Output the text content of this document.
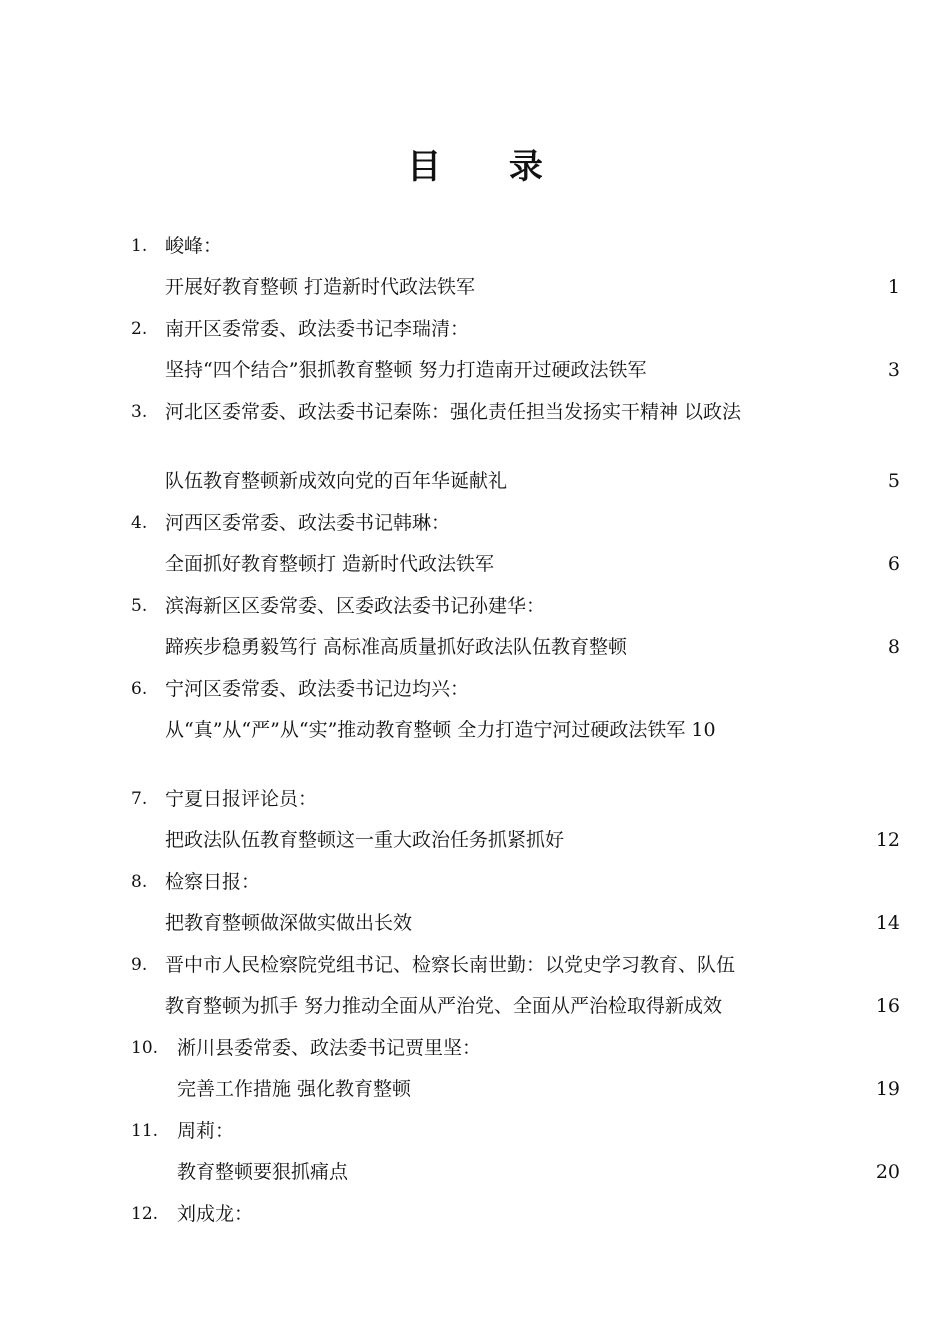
目 录
1. 峻峰：
开展好教育整顿 打造新时代政法铁军	1
2. 南开区委常委、政法委书记李瑞清：
坚持“四个结合”狠抓教育整顿 努力打造南开过硬政法铁军	3
3. 河北区委常委、政法委书记秦陈：强化责任担当发扬实干精神 以政法
队伍教育整顿新成效向党的百年华诞献礼	5
4. 河西区委常委、政法委书记韩琳：
全面抓好教育整顿打 造新时代政法铁军	6
5. 滨海新区区委常委、区委政法委书记孙建华：
蹄疾步稳勇毅笃行 高标准高质量抓好政法队伍教育整顿	8
6. 宁河区委常委、政法委书记边均兴：
从“真”从“严”从“实”推动教育整顿 全力打造宁河过硬政法铁军 10
7. 宁夏日报评论员：
把政法队伍教育整顿这一重大政治任务抓紧抓好	12
8. 检察日报：
把教育整顿做深做实做出长效	14
9. 晋中市人民检察院党组书记、检察长南世勤：以党史学习教育、队伍
教育整顿为抓手 努力推动全面从严治党、全面从严治检取得新成效	16
10. 淅川县委常委、政法委书记贾里坚：
完善工作措施 强化教育整顿	19
11. 周莉：
教育整顿要狠抓痛点	20
12. 刘成龙：
